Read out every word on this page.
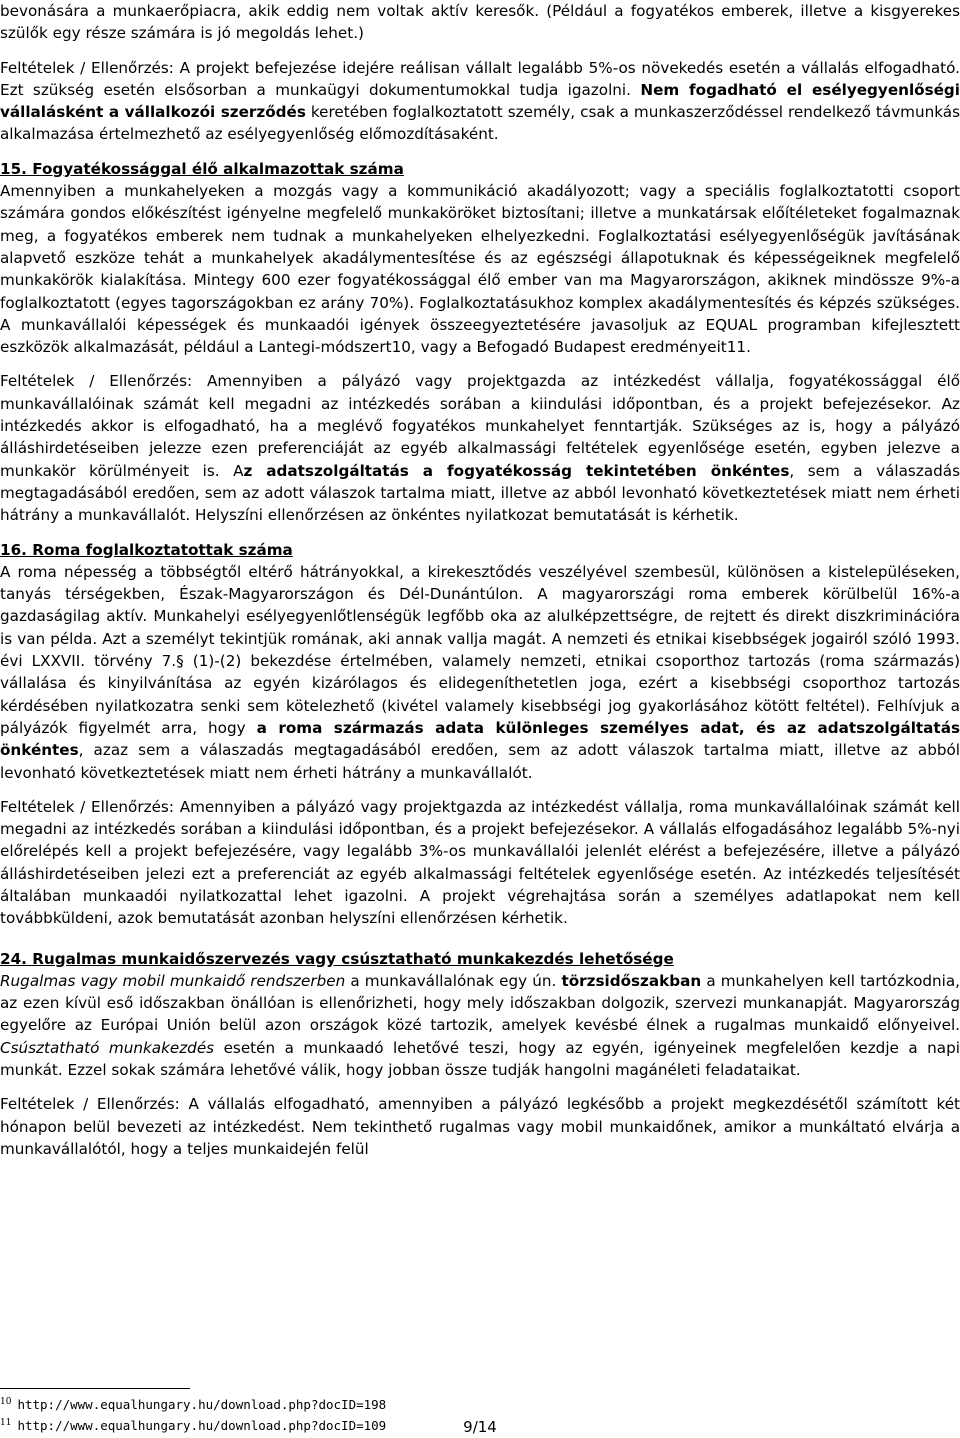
bevonására a munkaerőpiacra, akik eddig nem voltak aktív keresők. (Például a fogyatékos emberek, illetve a kisgyerekes szülők egy része számára is jó megoldás lehet.)

Feltételek / Ellenőrzés: A projekt befejezése idejére reálisan vállalt legalább 5%-os növekedés esetén a vállalás elfogadható. Ezt szükség esetén elsősorban a munkaügyi dokumentumokkal tudja igazolni. Nem fogadható el esélyegyenlőségi vállalásként a vállalkozói szerződés keretében foglalkoztatott személy, csak a munkaszerződéssel rendelkező távmunkás alkalmazása értelmezhető az esélyegyenlőség előmozdításaként.

15. Fogyatékossággal élő alkalmazottak száma

Amennyiben a munkahelyeken a mozgás vagy a kommunikáció akadályozott; vagy a speciális foglalkoztatotti csoport számára gondos előkészítést igényelne megfelelő munkaköröket biztosítani; illetve a munkatársak előítéleteket fogalmaznak meg, a fogyatékos emberek nem tudnak a munkahelyeken elhelyezkedni. Foglalkoztatási esélyegyenlőségük javításának alapvető eszköze tehát a munkahelyek akadálymentesítése és az egészségi állapotuknak és képességeiknek megfelelő munkakörök kialakítása. Mintegy 600 ezer fogyatékossággal élő ember van ma Magyarországon, akiknek mindössze 9%-a foglalkoztatott (egyes tagországokban ez arány 70%). Foglalkoztatásukhoz komplex akadálymentesítés és képzés szükséges. A munkavállalói képességek és munkaadói igények összeegyeztetésére javasoljuk az EQUAL programban kifejlesztett eszközök alkalmazását, például a Lantegi-módszert10, vagy a Befogadó Budapest eredményeit11.

Feltételek / Ellenőrzés: Amennyiben a pályázó vagy projektgazda az intézkedést vállalja, fogyatékossággal élő munkavállalóinak számát kell megadni az intézkedés sorában a kiindulási időpontban, és a projekt befejezésekor. Az intézkedés akkor is elfogadható, ha a meglévő fogyatékos munkahelyet fenntartják. Szükséges az is, hogy a pályázó álláshirdetéseiben jelezze ezen preferenciáját az egyéb alkalmassági feltételek egyenlősége esetén, egyben jelezve a munkakör körülményeit is. Az adatszolgáltatás a fogyatékosság tekintetében önkéntes, sem a válaszadás megtagadásából eredően, sem az adott válaszok tartalma miatt, illetve az abból levonható következtetések miatt nem érheti hátrány a munkavállalót. Helyszíni ellenőrzésen az önkéntes nyilatkozat bemutatását is kérhetik.

16. Roma foglalkoztatottak száma

A roma népesség a többségtől eltérő hátrányokkal, a kirekesztődés veszélyével szembesül, különösen a kistelepüléseken, tanyás térségekben, Észak-Magyarországon és Dél-Dunántúlon. A magyarországi roma emberek körülbelül 16%-a gazdaságilag aktív. Munkahelyi esélyegyenlőtlenségük legfőbb oka az alulképzettségre, de rejtett és direkt diszkriminációra is van példa. Azt a személyt tekintjük romának, aki annak vallja magát. A nemzeti és etnikai kisebbségek jogairól szóló 1993. évi LXXVII. törvény 7.§ (1)-(2) bekezdése értelmében, valamely nemzeti, etnikai csoporthoz tartozás (roma származás) vállalása és kinyilvánítása az egyén kizárólagos és elidegeníthetetlen joga, ezért a kisebbségi csoporthoz tartozás kérdésében nyilatkozatra senki sem kötelezhető (kivétel valamely kisebbségi jog gyakorlásához kötött feltétel). Felhívjuk a pályázók figyelmét arra, hogy a roma származás adata különleges személyes adat, és az adatszolgáltatás önkéntes, azaz sem a válaszadás megtagadásából eredően, sem az adott válaszok tartalma miatt, illetve az abból levonható következtetések miatt nem érheti hátrány a munkavállalót.

Feltételek / Ellenőrzés: Amennyiben a pályázó vagy projektgazda az intézkedést vállalja, roma munkavállalóinak számát kell megadni az intézkedés sorában a kiindulási időpontban, és a projekt befejezésekor. A vállalás elfogadásához legalább 5%-nyi előrelépés kell a projekt befejezésére, vagy legalább 3%-os munkavállalói jelenlét elérést a befejezésére, illetve a pályázó álláshirdetéseiben jelezi ezt a preferenciát az egyéb alkalmassági feltételek egyenlősége esetén. Az intézkedés teljesítését általában munkaadói nyilatkozattal lehet igazolni. A projekt végrehajtása során a személyes adatlapokat nem kell továbbküldeni, azok bemutatását azonban helyszíni ellenőrzésen kérhetik.

24. Rugalmas munkaidőszervezés vagy csúsztatható munkakezdés lehetősége

Rugalmas vagy mobil munkaidő rendszerben a munkavállalónak egy ún. törzsidőszakban a munkahelyen kell tartózkodnia, az ezen kívül eső időszakban önállóan is ellenőrizheti, hogy mely időszakban dolgozik, szervezi munkanapját. Magyarország egyelőre az Európai Unión belül azon országok közé tartozik, amelyek kevésbé élnek a rugalmas munkaidő előnyeivel. Csúsztatható munkakezdés esetén a munkaadó lehetővé teszi, hogy az egyén, igényeinek megfelelően kezdje a napi munkát. Ezzel sokak számára lehetővé válik, hogy jobban össze tudják hangolni magánéleti feladataikat.

Feltételek / Ellenőrzés: A vállalás elfogadható, amennyiben a pályázó legkésőbb a projekt megkezdésétől számított két hónapon belül bevezeti az intézkedést. Nem tekinthető rugalmas vagy mobil munkaidőnek, amikor a munkáltató elvárja a munkavállalótól, hogy a teljes munkaidején felül

$^{10}$ http://www.equalhungary.hu/download.php?docID=198

$^{11}$ http://www.equalhungary.hu/download.php?docID=109	9/14
